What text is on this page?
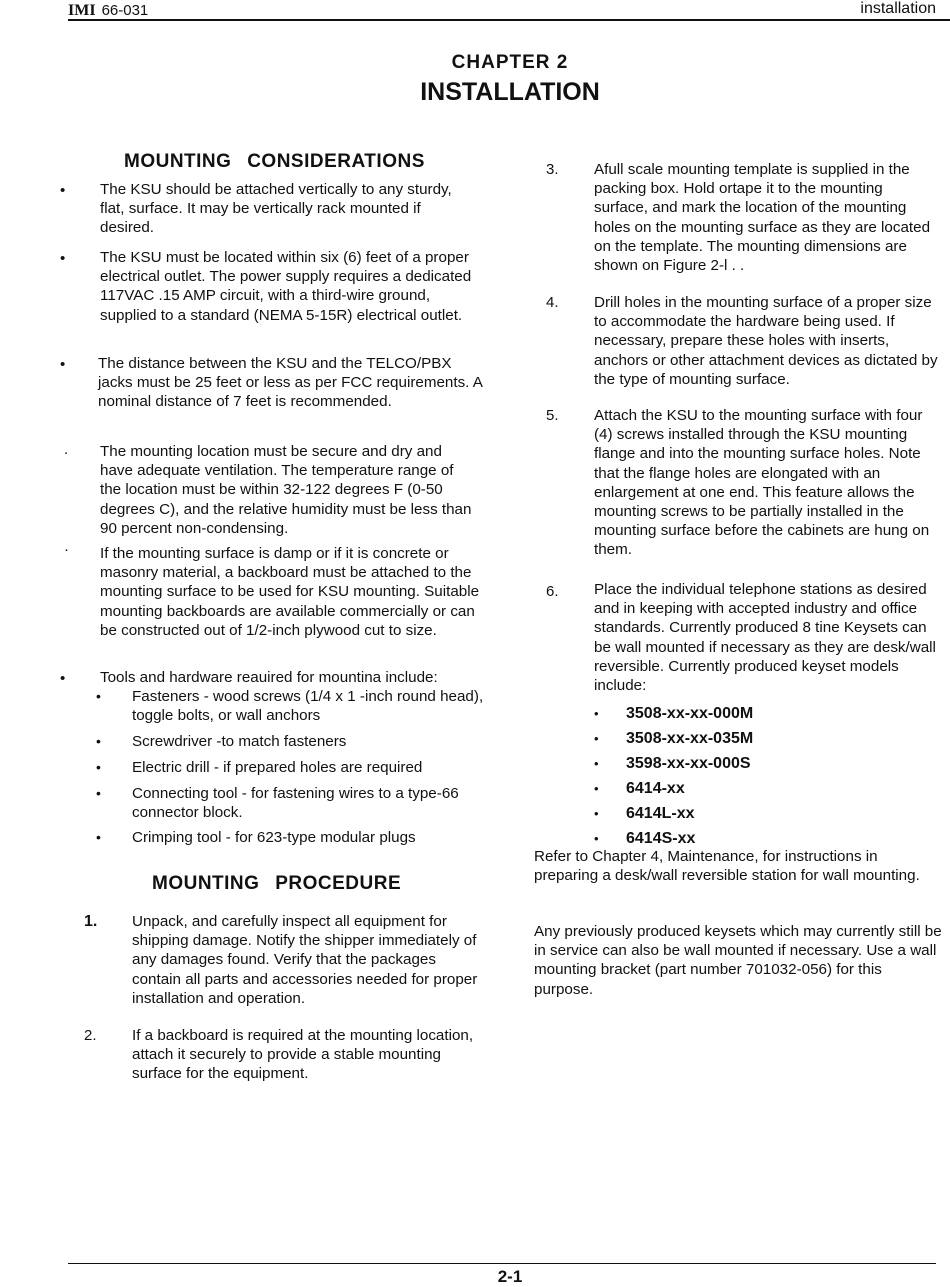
IMI 66-031	installation
CHAPTER 2
INSTALLATION
MOUNTING CONSIDERATIONS
• The KSU should be attached vertically to any sturdy, flat, surface. It may be vertically rack mounted if desired.
• The KSU must be located within six (6) feet of a proper electrical outlet. The power supply requires a dedicated 117VAC .15 AMP circuit, with a third-wire ground, supplied to a standard (NEMA 5-15R) electrical outlet.
• The distance between the KSU and the TELCO/PBX jacks must be 25 feet or less as per FCC requirements. A nominal distance of 7 feet is recommended.
. The mounting location must be secure and dry and have adequate ventilation. The temperature range of the location must be within 32-122 degrees F (0-50 degrees C), and the relative humidity must be less than 90 percent non-condensing.
· If the mounting surface is damp or if it is concrete or masonry material, a backboard must be attached to the mounting surface to be used for KSU mounting. Suitable mounting backboards are available commercially or can be constructed out of 1/2-inch plywood cut to size.
• Tools and hardware reauired for mountina include:
• Fasteners - wood screws (1/4 x 1 -inch round head), toggle bolts, or wall anchors
• Screwdriver -to match fasteners
• Electric drill - if prepared holes are required
• Connecting tool - for fastening wires to a type-66 connector block.
• Crimping tool - for 623-type modular plugs
MOUNTING PROCEDURE
1. Unpack, and carefully inspect all equipment for shipping damage. Notify the shipper immediately of any damages found. Verify that the packages contain all parts and accessories needed for proper installation and operation.
2. If a backboard is required at the mounting location, attach it securely to provide a stable mounting surface for the equipment.
3. Afull scale mounting template is supplied in the packing box. Hold ortape it to the mounting surface, and mark the location of the mounting holes on the mounting surface as they are located on the template. The mounting dimensions are shown on Figure 2-l . .
4. Drill holes in the mounting surface of a proper size to accommodate the hardware being used. If necessary, prepare these holes with inserts, anchors or other attachment devices as dictated by the type of mounting surface.
5. Attach the KSU to the mounting surface with four (4) screws installed through the KSU mounting flange and into the mounting surface holes. Note that the flange holes are elongated with an enlargement at one end. This feature allows the mounting screws to be partially installed in the mounting surface before the cabinets are hung on them.
6. Place the individual telephone stations as desired and in keeping with accepted industry and office standards. Currently produced 8 tine Keysets can be wall mounted if necessary as they are desk/wall reversible. Currently produced keyset models include:
• 3508-xx-xx-000M
• 3508-xx-xx-035M
• 3598-xx-xx-000S
• 6414-xx
• 6414L-xx
• 6414S-xx
Refer to Chapter 4, Maintenance, for instructions in preparing a desk/wall reversible station for wall mounting.
Any previously produced keysets which may currently still be in service can also be wall mounted if necessary. Use a wall mounting bracket (part number 701032-056) for this purpose.
2-1
